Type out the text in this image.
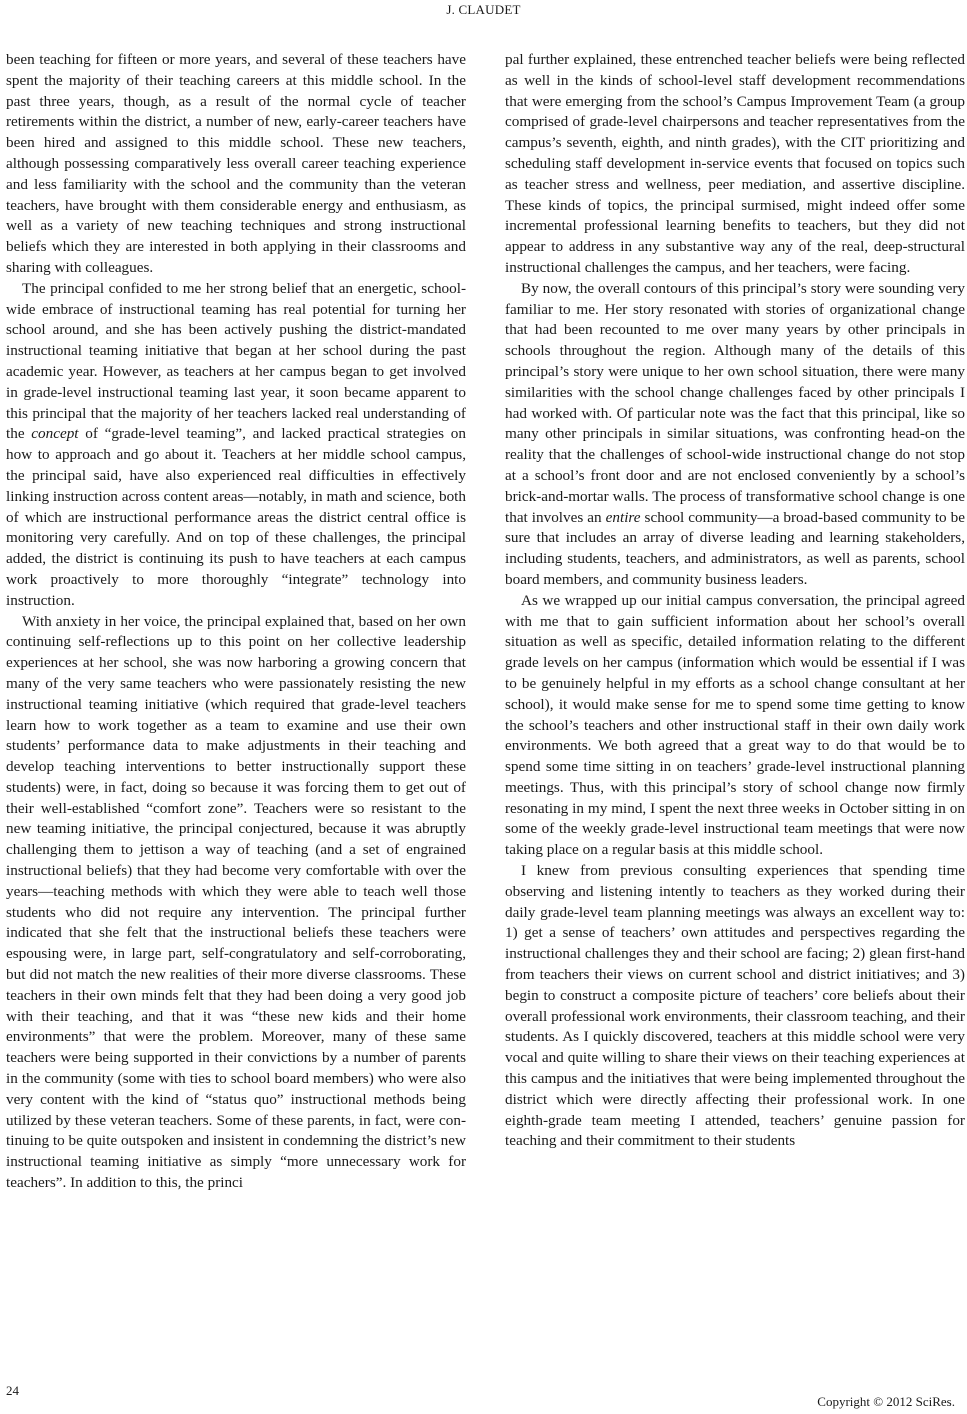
J. CLAUDET

been teaching for fifteen or more years, and several of these teachers have spent the majority of their teaching careers at this middle school. In the past three years, though, as a result of the normal cycle of teacher retirements within the district, a number of new, early-career teachers have been hired and assigned to this middle school. These new teachers, although possessing comparatively less overall career teaching experience and less familiarity with the school and the community than the veteran teachers, have brought with them considerable energy and enthusiasm, as well as a variety of new teaching techniques and strong instructional beliefs which they are interested in both applying in their classrooms and sharing with colleagues.

The principal confided to me her strong belief that an energetic, school-wide embrace of instructional teaming has real potential for turning her school around, and she has been actively pushing the district-mandated instructional teaming initiative that began at her school during the past academic year. However, as teachers at her campus began to get involved in grade-level instructional teaming last year, it soon became apparent to this principal that the majority of her teachers lacked real understanding of the concept of “grade-level teaming”, and lacked practical strategies on how to approach and go about it. Teachers at her middle school campus, the principal said, have also experienced real difficulties in effectively linking instruction across content areas—notably, in math and science, both of which are instructional performance areas the district central office is monitoring very carefully. And on top of these challenges, the principal added, the district is continuing its push to have teachers at each campus work proactively to more thoroughly “integrate” technology into instruction.

With anxiety in her voice, the principal explained that, based on her own continuing self-reflections up to this point on her collective leadership experiences at her school, she was now harboring a growing concern that many of the very same teachers who were passionately resisting the new instructional teaming initiative (which required that grade-level teachers learn how to work together as a team to examine and use their own students’ performance data to make adjustments in their teaching and develop teaching interventions to better instructionally support these students) were, in fact, doing so because it was forcing them to get out of their well-established “comfort zone”. Teachers were so resistant to the new teaming initiative, the principal conjectured, because it was abruptly challenging them to jettison a way of teaching (and a set of engrained instructional beliefs) that they had become very comfortable with over the years—teaching methods with which they were able to teach well those students who did not require any intervention. The principal further indicated that she felt that the instructional beliefs these teachers were espousing were, in large part, self-congratulatory and self-corroborating, but did not match the new realities of their more diverse classrooms. These teachers in their own minds felt that they had been doing a very good job with their teaching, and that it was “these new kids and their home environments” that were the problem. Moreover, many of these same teachers were being supported in their convictions by a number of parents in the community (some with ties to school board members) who were also very content with the kind of “status quo” instructional methods being utilized by these veteran teachers. Some of these parents, in fact, were continuing to be quite outspoken and insistent in condemning the district’s new instructional teaming initiative as simply “more unnecessary work for teachers”. In addition to this, the princi

pal further explained, these entrenched teacher beliefs were being reflected as well in the kinds of school-level staff development recommendations that were emerging from the school’s Campus Improvement Team (a group comprised of grade-level chairpersons and teacher representatives from the campus’s seventh, eighth, and ninth grades), with the CIT prioritizing and scheduling staff development in-service events that focused on topics such as teacher stress and wellness, peer mediation, and assertive discipline. These kinds of topics, the principal surmised, might indeed offer some incremental professional learning benefits to teachers, but they did not appear to address in any substantive way any of the real, deep-structural instructional challenges the campus, and her teachers, were facing.

By now, the overall contours of this principal’s story were sounding very familiar to me. Her story resonated with stories of organizational change that had been recounted to me over many years by other principals in schools throughout the region. Although many of the details of this principal’s story were unique to her own school situation, there were many similarities with the school change challenges faced by other principals I had worked with. Of particular note was the fact that this principal, like so many other principals in similar situations, was confronting head-on the reality that the challenges of school-wide instructional change do not stop at a school’s front door and are not enclosed conveniently by a school’s brick-and-mortar walls. The process of transformative school change is one that involves an entire school community—a broad-based community to be sure that includes an array of diverse leading and learning stakeholders, including students, teachers, and administrators, as well as parents, school board members, and community business leaders.

As we wrapped up our initial campus conversation, the principal agreed with me that to gain sufficient information about her school’s overall situation as well as specific, detailed information relating to the different grade levels on her campus (information which would be essential if I was to be genuinely helpful in my efforts as a school change consultant at her school), it would make sense for me to spend some time getting to know the school’s teachers and other instructional staff in their own daily work environments. We both agreed that a great way to do that would be to spend some time sitting in on teachers’ grade-level instructional planning meetings. Thus, with this principal’s story of school change now firmly resonating in my mind, I spent the next three weeks in October sitting in on some of the weekly grade-level instructional team meetings that were now taking place on a regular basis at this middle school.

I knew from previous consulting experiences that spending time observing and listening intently to teachers as they worked during their daily grade-level team planning meetings was always an excellent way to: 1) get a sense of teachers’ own attitudes and perspectives regarding the instructional challenges they and their school are facing; 2) glean first-hand from teachers their views on current school and district initiatives; and 3) begin to construct a composite picture of teachers’ core beliefs about their overall professional work environments, their classroom teaching, and their students. As I quickly discovered, teachers at this middle school were very vocal and quite willing to share their views on their teaching experiences at this campus and the initiatives that were being implemented throughout the district which were directly affecting their professional work. In one eighth-grade team meeting I attended, teachers’ genuine passion for teaching and their commitment to their students

24
Copyright © 2012 SciRes.
